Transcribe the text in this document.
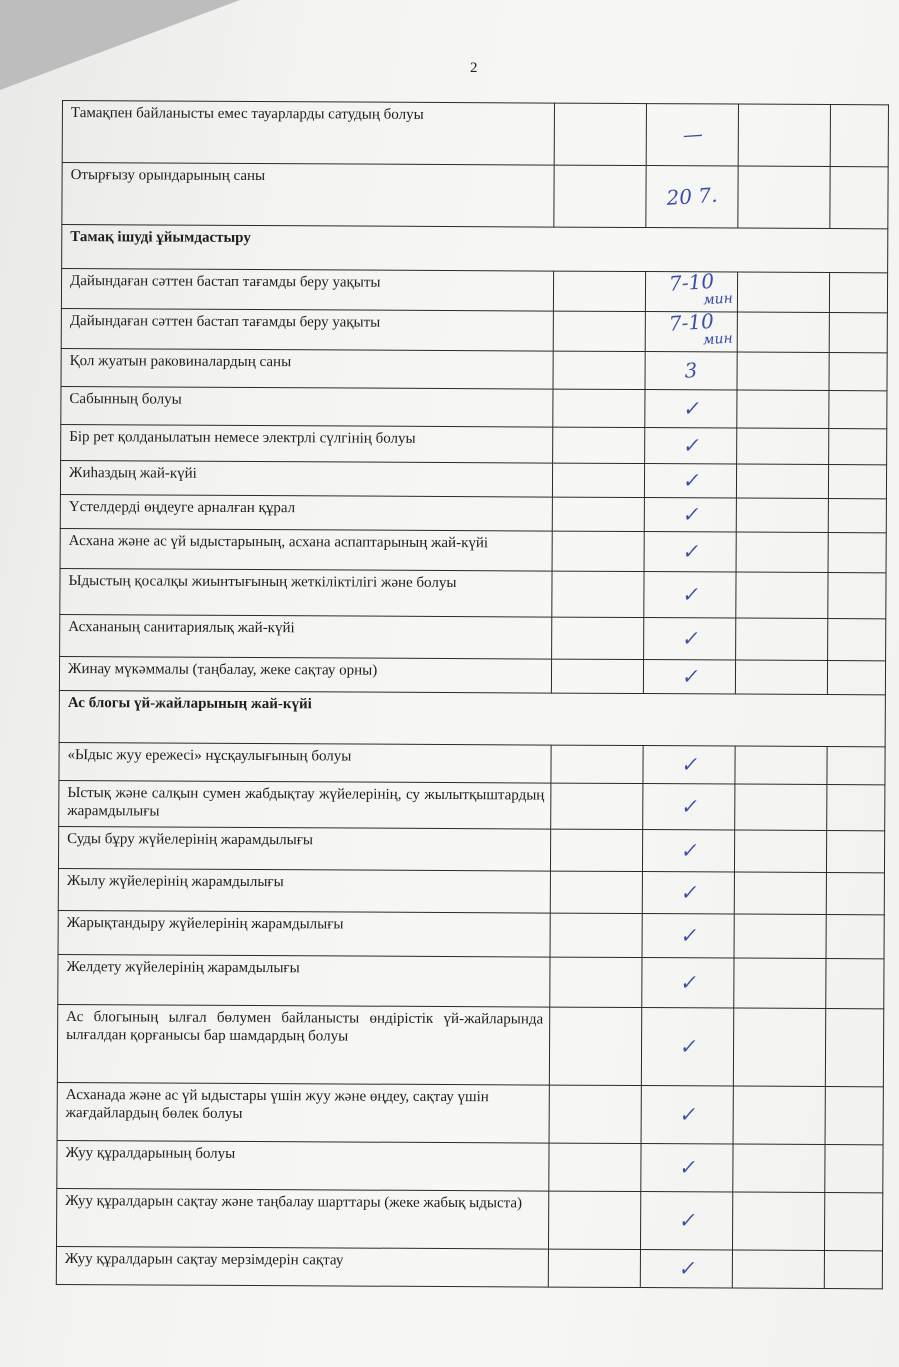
2
Тамақпен байланысты емес тауарларды сатудың болуы		—		
Отырғызу орындарының саны		20 7.		
Тамақ ішуді ұйымдастыру				
Дайындаған сәттен бастап тағамды беру уақыты		7-10
мин		

Дайындаған сәттен бастап тағамды беру уақыты		7-10
мин		

Қол жуатын раковиналардың саны		3		
Сабынның болуы		✓		
Бір рет қолданылатын немесе электрлі сүлгінің болуы		✓		
Жиһаздың жай-күйі		✓		
Үстелдерді өңдеуге арналған құрал		✓		
Асхана және ас үй ыдыстарының, асхана аспаптарының жай-күйі		✓		
Ыдыстың қосалқы жиынтығының жеткіліктілігі және болуы		✓		
Асхананың санитариялық жай-күйі		✓		
Жинау мүкәммалы (таңбалау, жеке сақтау орны)		✓		
Ас блогы үй-жайларының жай-күйі				
«Ыдыс жуу ережесі» нұсқаулығының болуы		✓		
Ыстық және салқын сумен жабдықтау жүйелерінің, су жылытқыштардың жарамдылығы		✓		
Суды бұру жүйелерінің жарамдылығы		✓		
Жылу жүйелерінің жарамдылығы		✓		
Жарықтандыру жүйелерінің жарамдылығы		✓		
Желдету жүйелерінің жарамдылығы		✓		
Ас блогының ылғал бөлумен байланысты өндірістік үй-жайларында ылғалдан қорғанысы бар шамдардың болуы		✓		
Асханада және ас үй ыдыстары үшін жуу және өңдеу, сақтау үшін жағдайлардың бөлек болуы		✓		
Жуу құралдарының болуы		✓		
Жуу құралдарын сақтау және таңбалау шарттары (жеке жабық ыдыста)		✓		
Жуу құралдарын сақтау мерзімдерін сақтау		✓		
